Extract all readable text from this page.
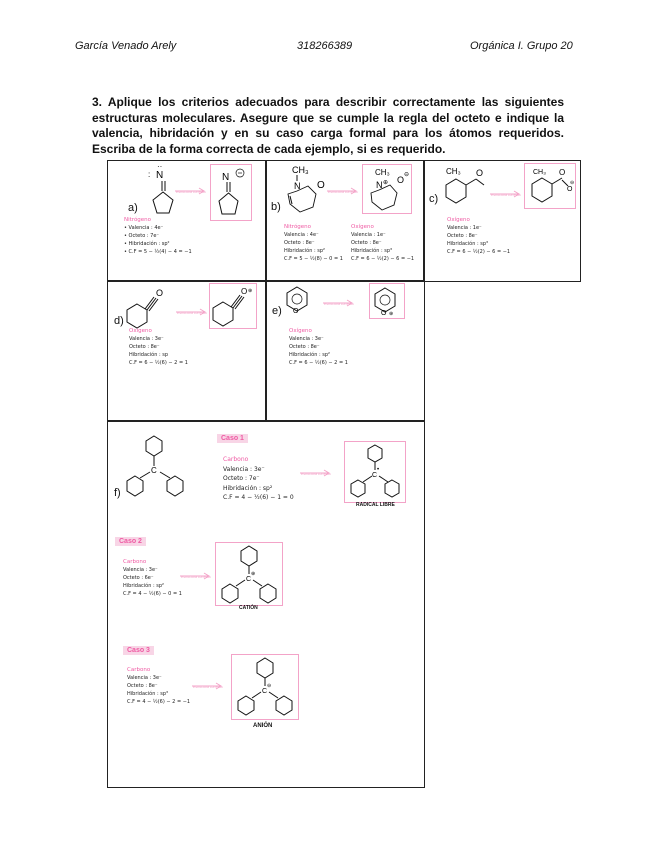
García Venado Arely	318266389	Orgánica I. Grupo 20
3. Aplique los criterios adecuados para describir correctamente las siguientes estructuras moleculares. Asegure que se cumple la regla del octeto e indique la valencia, hibridación y en su caso carga formal para los átomos requeridos. Escriba de la forma correcta de cada ejemplo, si es requerido.
a)
N
··
:
Estructura correcta
N
Nitrógeno
• Valencia : 4e⁻
• Octeto : 7e⁻
• Hibridación : sp²
• C.F = 5 − ½(4) − 4 = −1
b)
CH₃
N O
Estructura correcta
CH₃
N ⊕ O ⊖
Nitrógeno
Valencia : 4e⁻
Octeto : 8e⁻
Hibridación : sp²
C.F = 5 − ½(8) − 0 = 1
Oxígeno
Valencia : 1e⁻
Octeto : 8e⁻
Hibridación : sp³
C.F = 6 − ½(2) − 6 = −1
c)
CH₃ O
Estructura correcta
CH₃ O
O
⊖
Oxígeno
Valencia : 1e⁻
Octeto : 8e⁻
Hibridación : sp³
C.F = 6 − ½(2) − 6 = −1
d)
O
Estructura correcta
O ⊕
Oxígeno
Valencia : 3e⁻
Octeto : 8e⁻
Hibridación : sp
C.F = 6 − ½(6) − 2 = 1
e) O
Estructura correcta
O ⊕
Oxígeno
Valencia : 3e⁻
Octeto : 8e⁻
Hibridación : sp²
C.F = 6 − ½(6) − 2 = 1
f)
C
Caso 1
Carbono
Valencia : 3e⁻
Octeto : 7e⁻
Hibridación : sp²
C.F = 4 − ½(6) − 1 = 0
Estructura correcta	C
•
RADICAL LIBRE
Caso 2
Carbono
Valencia : 3e⁻
Octeto : 6e⁻
Hibridación : sp²
C.F = 4 − ½(6) − 0 = 1
Estructura correcta	C
⊕
CATIÓN
Caso 3
Carbono
Valencia : 3e⁻
Octeto : 8e⁻
Hibridación : sp³
C.F = 4 − ½(6) − 2 = −1
Estructura correcta
C
⊖
ANIÓN
